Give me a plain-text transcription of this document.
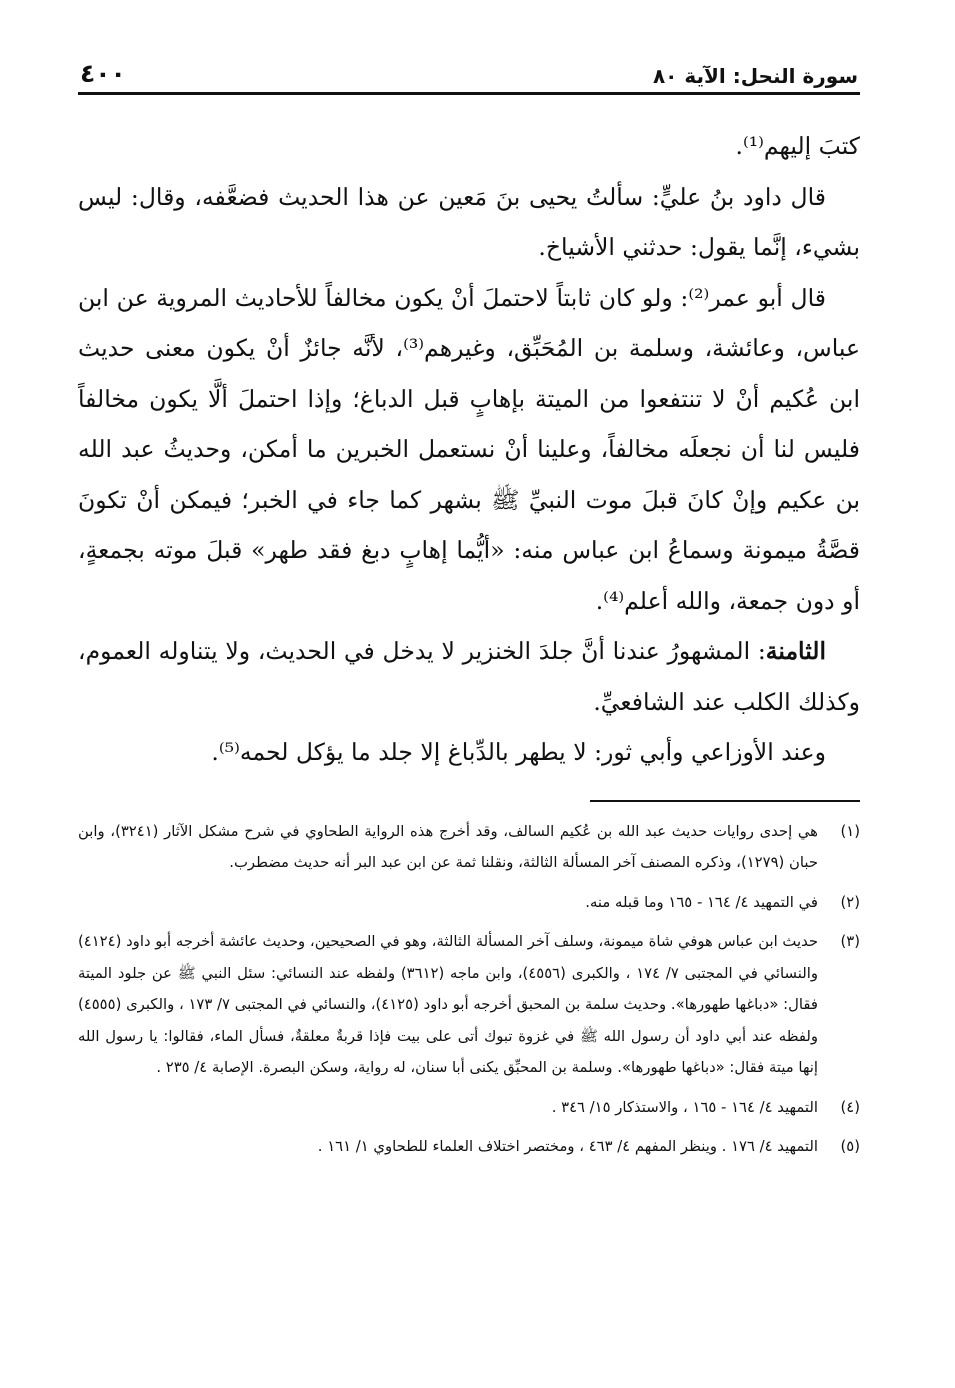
سورة النحل: الآية ٨٠
٤٠٠

كتبَ إليهم⁽¹⁾.

قال داود بنُ عليٍّ: سألتُ يحيى بنَ مَعين عن هذا الحديث فضعَّفه، وقال: ليس بشيء، إنَّما يقول: حدثني الأشياخ.

قال أبو عمر⁽²⁾: ولو كان ثابتاً لاحتملَ أنْ يكون مخالفاً للأحاديث المروية عن ابن عباس، وعائشة، وسلمة بن المُحَبِّق، وغيرهم⁽³⁾، لأنَّه جائزٌ أنْ يكون معنى حديث ابن عُكيم أنْ لا تنتفعوا من الميتة بإهابٍ قبل الدباغ؛ وإذا احتملَ ألَّا يكون مخالفاً فليس لنا أن نجعلَه مخالفاً، وعلينا أنْ نستعمل الخبرين ما أمكن، وحديثُ عبد الله بن عكيم وإنْ كانَ قبلَ موت النبيِّ ﷺ بشهر كما جاء في الخبر؛ فيمكن أنْ تكونَ قصَّةُ ميمونة وسماعُ ابن عباس منه: «أيُّما إهابٍ دبغ فقد طهر» قبلَ موته بجمعةٍ، أو دون جمعة، والله أعلم⁽⁴⁾.

الثامنة: المشهورُ عندنا أنَّ جلدَ الخنزير لا يدخل في الحديث، ولا يتناوله العموم، وكذلك الكلب عند الشافعيِّ.

وعند الأوزاعي وأبي ثور: لا يطهر بالدِّباغ إلا جلد ما يؤكل لحمه⁽⁵⁾.

(١)
هي إحدى روايات حديث عبد الله بن عُكيم السالف، وقد أخرج هذه الرواية الطحاوي في شرح مشكل الآثار (٣٢٤١)، وابن حبان (١٢٧٩)، وذكره المصنف آخر المسألة الثالثة، ونقلنا ثمة عن ابن عبد البر أنه حديث مضطرب.
(٢)
في التمهيد ٤/ ١٦٤ - ١٦٥ وما قبله منه.
(٣)
حديث ابن عباس هوفي شاة ميمونة، وسلف آخر المسألة الثالثة، وهو في الصحيحين، وحديث عائشة أخرجه أبو داود (٤١٢٤) والنسائي في المجتبى ٧/ ١٧٤ ، والكبرى (٤٥٥٦)، وابن ماجه (٣٦١٢) ولفظه عند النسائي: سئل النبي ﷺ عن جلود الميتة فقال: «دباغها طهورها». وحديث سلمة بن المحبق أخرجه أبو داود (٤١٢٥)، والنسائي في المجتبى ٧/ ١٧٣ ، والكبرى (٤٥٥٥) ولفظه عند أبي داود أن رسول الله ﷺ في غزوة تبوك أتى على بيت فإذا قربةٌ معلقةٌ، فسأل الماء، فقالوا: يا رسول الله إنها ميتة فقال: «دباغها طهورها». وسلمة بن المحبِّق يكنى أبا سنان، له رواية، وسكن البصرة. الإصابة ٤/ ٢٣٥ .
(٤)
التمهيد ٤/ ١٦٤ - ١٦٥ ، والاستذكار ١٥/ ٣٤٦ .
(٥)
التمهيد ٤/ ١٧٦ . وينظر المفهم ٤/ ٤٦٣ ، ومختصر اختلاف العلماء للطحاوي ١/ ١٦١ .
